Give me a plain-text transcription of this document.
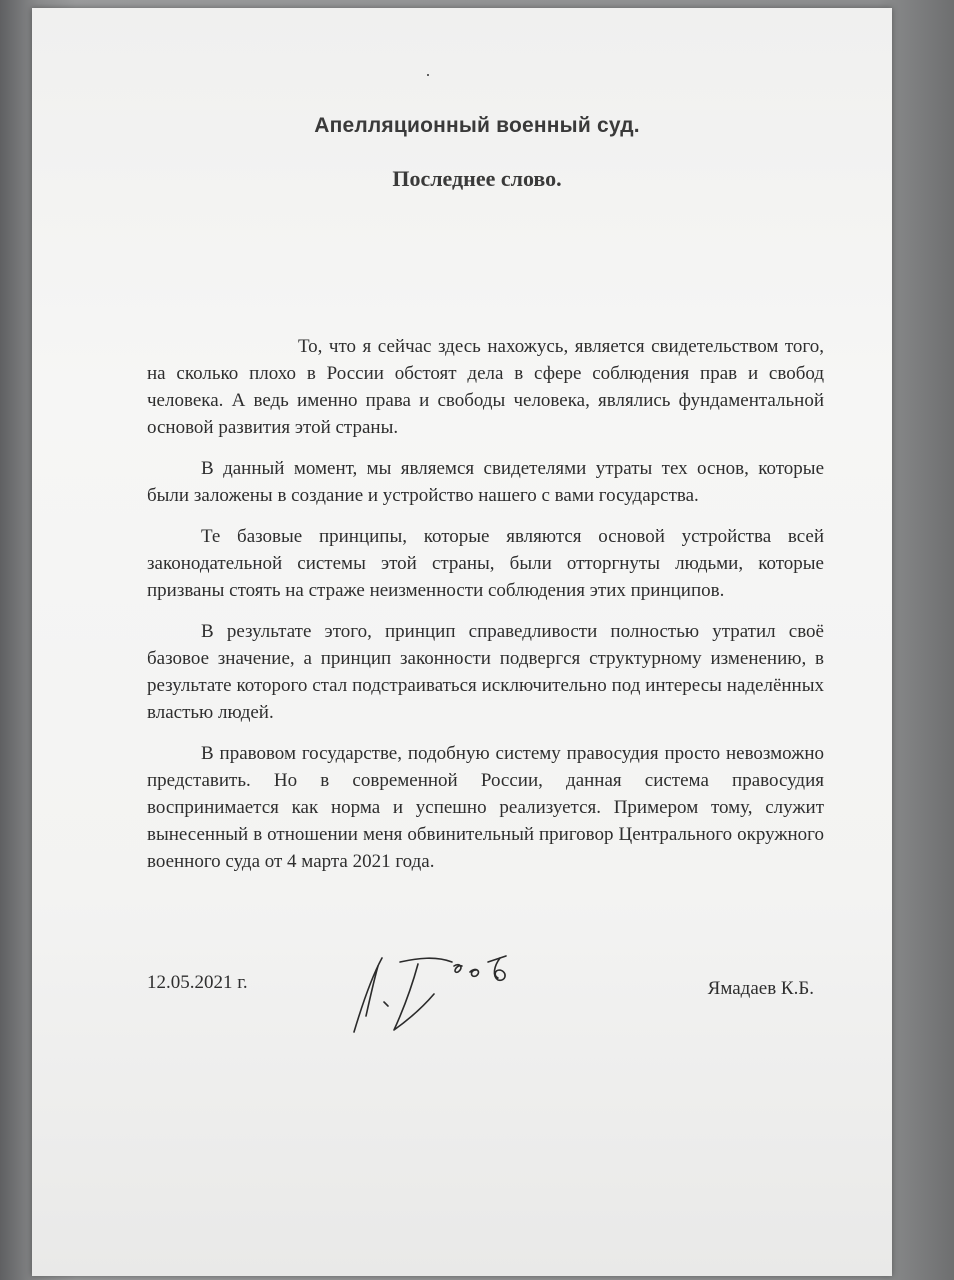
Апелляционный военный суд.
Последнее слово.

То, что я сейчас здесь нахожусь, является свидетельством того, на сколько плохо в России обстоят дела в сфере соблюдения прав и свобод человека. А ведь именно права и свободы человека, являлись фундаментальной основой развития этой страны.

В данный момент, мы являемся свидетелями утраты тех основ, которые были заложены в создание и устройство нашего с вами государства.

Те базовые принципы, которые являются основой устройства всей законодательной системы этой страны, были отторгнуты людьми, которые призваны стоять на страже неизменности соблюдения этих принципов.

В результате этого, принцип справедливости полностью утратил своё базовое значение, а принцип законности подвергся структурному изменению, в результате которого стал подстраиваться исключительно под интересы наделённых властью людей.

В правовом государстве, подобную систему правосудия просто невозможно представить. Но в современной России, данная система правосудия воспринимается как норма и успешно реализуется. Примером тому, служит вынесенный в отношении меня обвинительный приговор Центрального окружного военного суда от 4 марта 2021 года.

12.05.2021 г.	Ямадаев К.Б.
